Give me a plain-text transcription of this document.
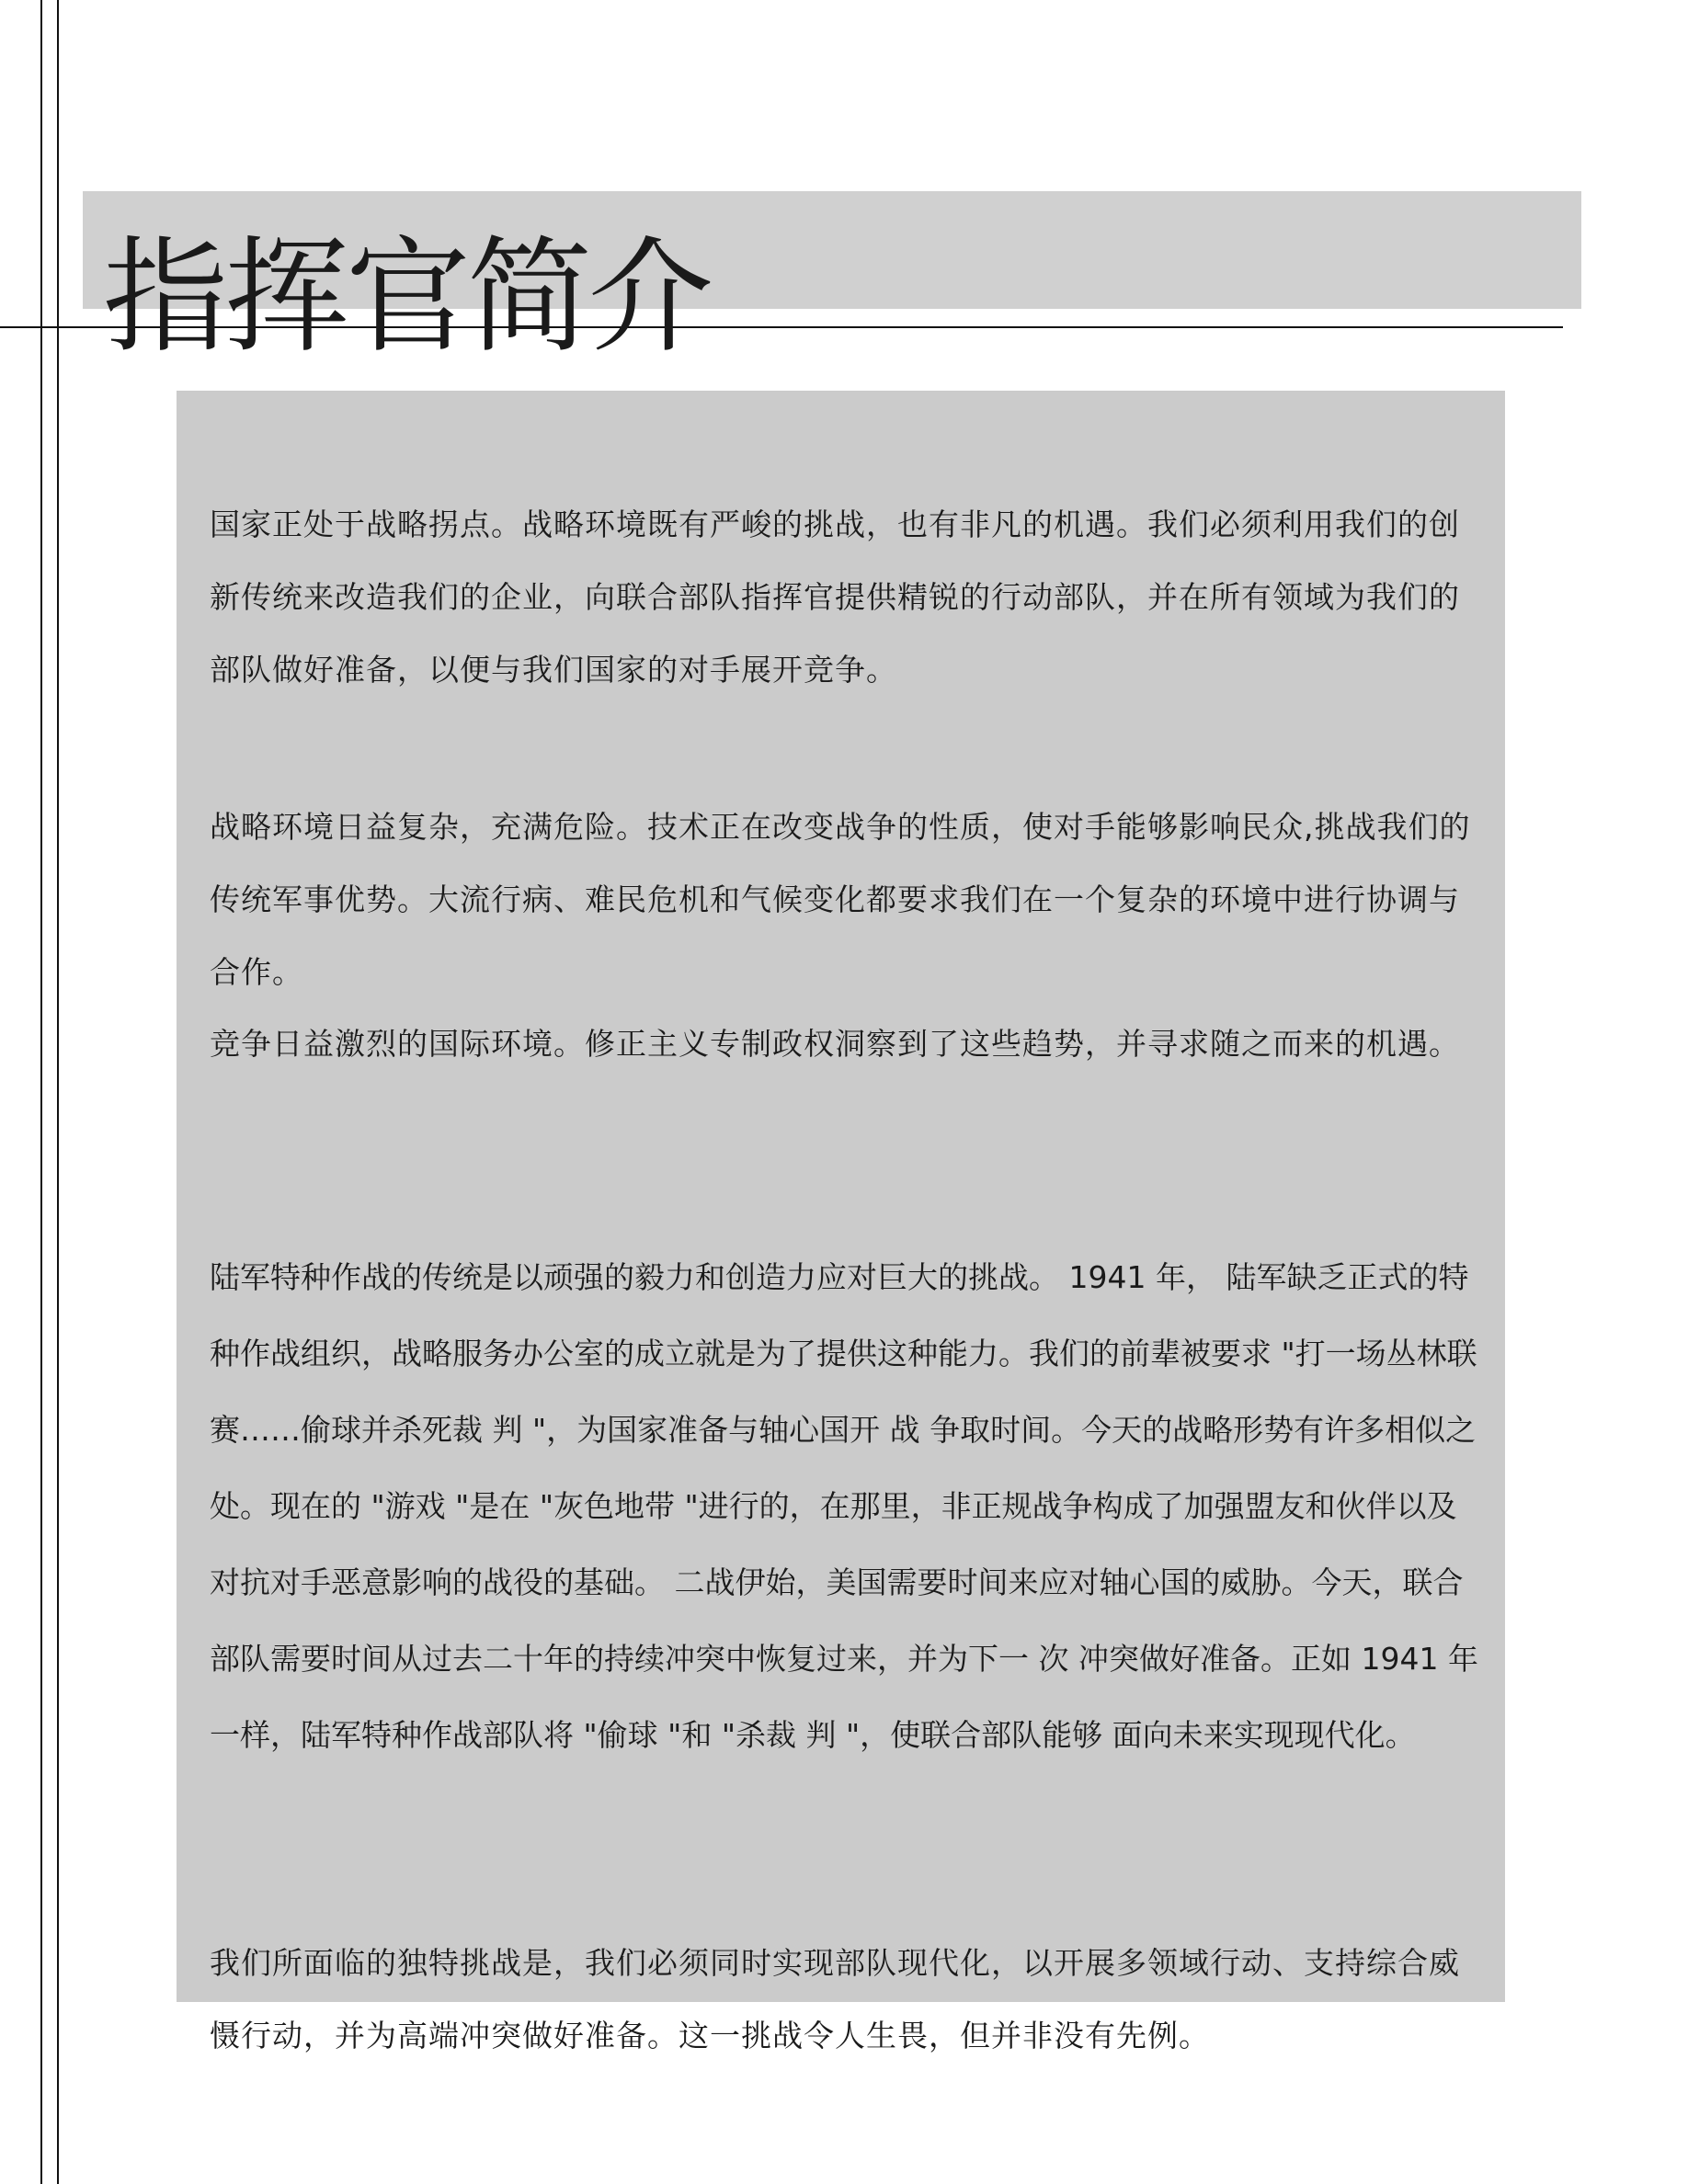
指挥官简介

国家正处于战略拐点。战略环境既有严峻的挑战，也有非凡的机遇。我们必须利用我们的创新传统来改造我们的企业，向联合部队指挥官提供精锐的行动部队，并在所有领域为我们的部队做好准备，以便与我们国家的对手展开竞争。

战略环境日益复杂，充满危险。技术正在改变战争的性质，使对手能够影响民众,挑战我们的传统军事优势。大流行病、难民危机和气候变化都要求我们在一个复杂的环境中进行协调与合作。

竞争日益激烈的国际环境。修正主义专制政权洞察到了这些趋势，并寻求随之而来的机遇。

陆军特种作战的传统是以顽强的毅力和创造力应对巨大的挑战。 1941 年， 陆军缺乏正式的特种作战组织，战略服务办公室的成立就是为了提供这种能力。我们的前辈被要求 "打一场丛林联赛……偷球并杀死裁 判 "，为国家准备与轴心国开 战 争取时间。今天的战略形势有许多相似之处。现在的 "游戏 "是在 "灰色地带 "进行的，在那里，非正规战争构成了加强盟友和伙伴以及对抗对手恶意影响的战役的基础。 二战伊始，美国需要时间来应对轴心国的威胁。今天，联合部队需要时间从过去二十年的持续冲突中恢复过来，并为下一 次 冲突做好准备。正如 1941 年一样，陆军特种作战部队将 "偷球 "和 "杀裁 判 "，使联合部队能够 面向未来实现现代化。

我们所面临的独特挑战是，我们必须同时实现部队现代化，以开展多领域行动、支持综合威慑行动，并为高端冲突做好准备。这一挑战令人生畏，但并非没有先例。
